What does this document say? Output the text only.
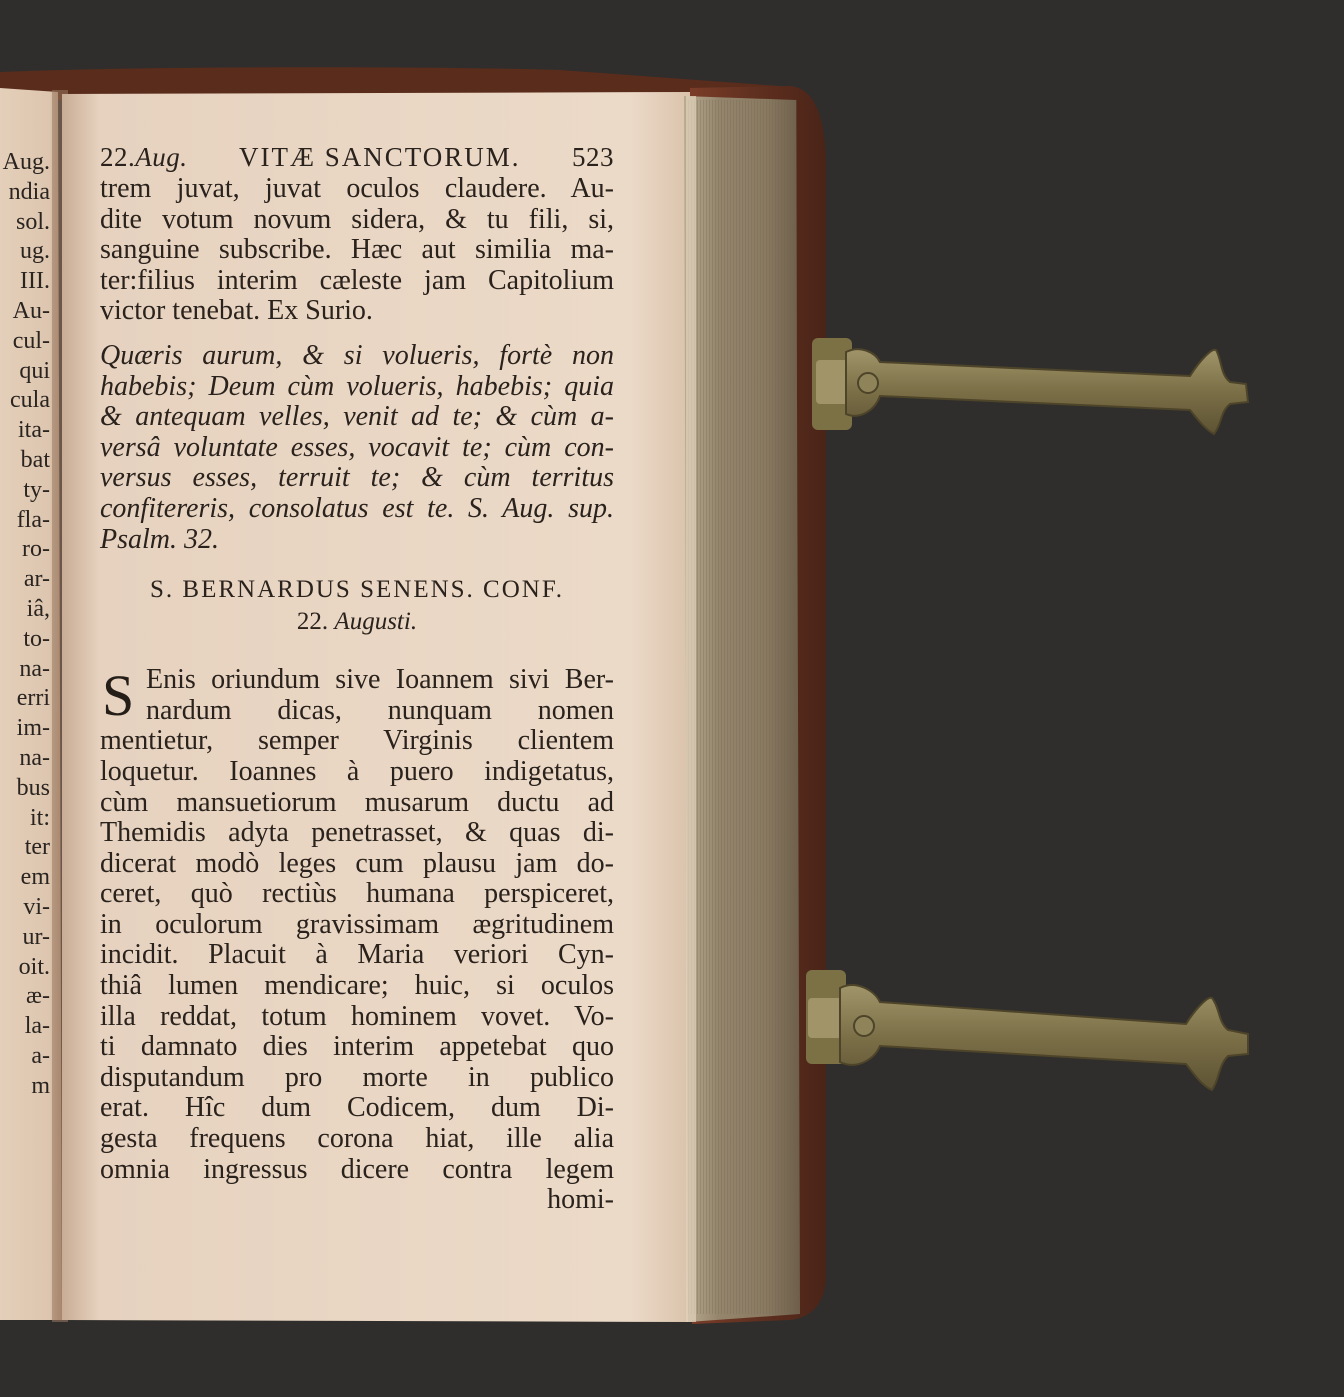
Aug.
ndia
sol.
ug.
III.
Au-
cul-
qui
cula
ita-
bat
ty-
fla-
ro-
ar-
iâ,
to-
na-
erri
im-
na-
bus
it:
ter
em
vi-
ur-
oit.
æ-
la-
a-
m
22.Aug. VITÆ SANCTORUM. 523
trem juvat, juvat oculos claudere. Au-
dite votum novum sidera, & tu fili, si,
sanguine subscribe. Hæc aut similia ma-
ter:filius interim cæleste jam Capitolium
victor tenebat. Ex Surio.
Quæris aurum, & si volueris, fortè non
habebis; Deum cùm volueris, habebis; quia
& antequam velles, venit ad te; & cùm a-
versâ voluntate esses, vocavit te; cùm con-
versus esses, terruit te; & cùm territus
confitereris, consolatus est te. S. Aug. sup.
Psalm. 32.
S. BERNARDUS SENENS. CONF.
22. Augusti.
S Enis oriundum sive Ioannem sivi Ber-
nardum dicas, nunquam nomen
mentietur, semper Virginis clientem
loquetur. Ioannes à puero indigetatus,
cùm mansuetiorum musarum ductu ad
Themidis adyta penetrasset, & quas di-
dicerat modò leges cum plausu jam do-
ceret, quò rectiùs humana perspiceret,
in oculorum gravissimam ægritudinem
incidit. Placuit à Maria veriori Cyn-
thiâ lumen mendicare; huic, si oculos
illa reddat, totum hominem vovet. Vo-
ti damnato dies interim appetebat quo
disputandum pro morte in publico
erat. Hîc dum Codicem, dum Di-
gesta frequens corona hiat, ille alia
omnia ingressus dicere contra legem
homi-
